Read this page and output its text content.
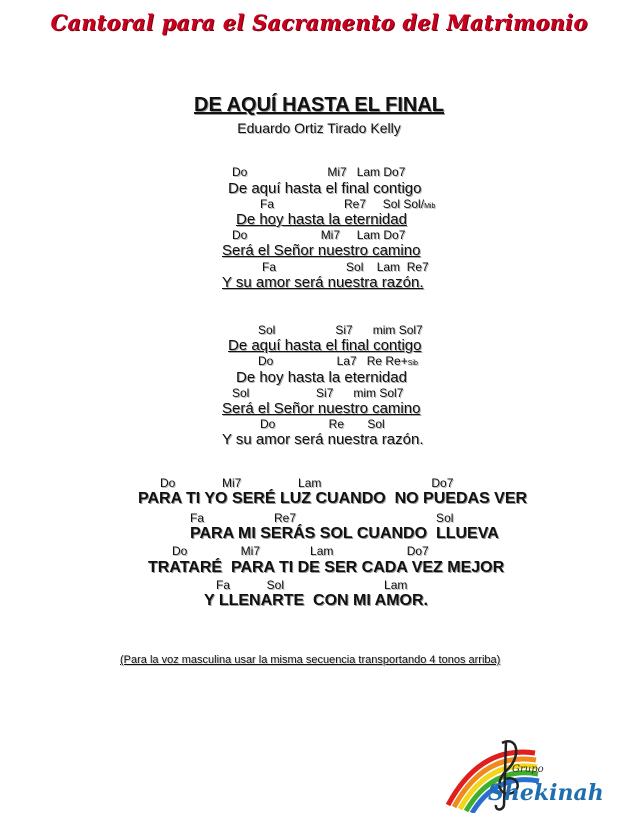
Cantoral para el Sacramento del Matrimonio
DE AQUÍ HASTA EL FINAL
Eduardo Ortiz Tirado Kelly
Do                        Mi7   Lam Do7
De aquí hasta el final contigo
Fa                     Re7     Sol Sol/Mib
De hoy hasta la eternidad
Do                      Mi7     Lam Do7
Será el Señor nuestro camino
Fa                     Sol    Lam  Re7
Y su amor será nuestra razón.
Sol                  Si7      mim Sol7
De aquí hasta el final contigo
Do                   La7   Re Re+Sib
De hoy hasta la eternidad
Sol                    Si7      mim Sol7
Será el Señor nuestro camino
Do                Re       Sol
Y su amor será nuestra razón.
Do              Mi7                 Lam                                 Do7
PARA TI YO SERÉ LUZ CUANDO  NO PUEDAS VER
Fa                     Re7                                          Sol
PARA MI SERÁS SOL CUANDO  LLUEVA
Do                Mi7               Lam                      Do7
TRATARÉ  PARA TI DE SER CADA VEZ MEJOR
Fa           Sol                              Lam
Y LLENARTE  CON MI AMOR.
(Para la voz masculina usar la misma secuencia transportando 4 tonos arriba)
Grupo
Shekinah
